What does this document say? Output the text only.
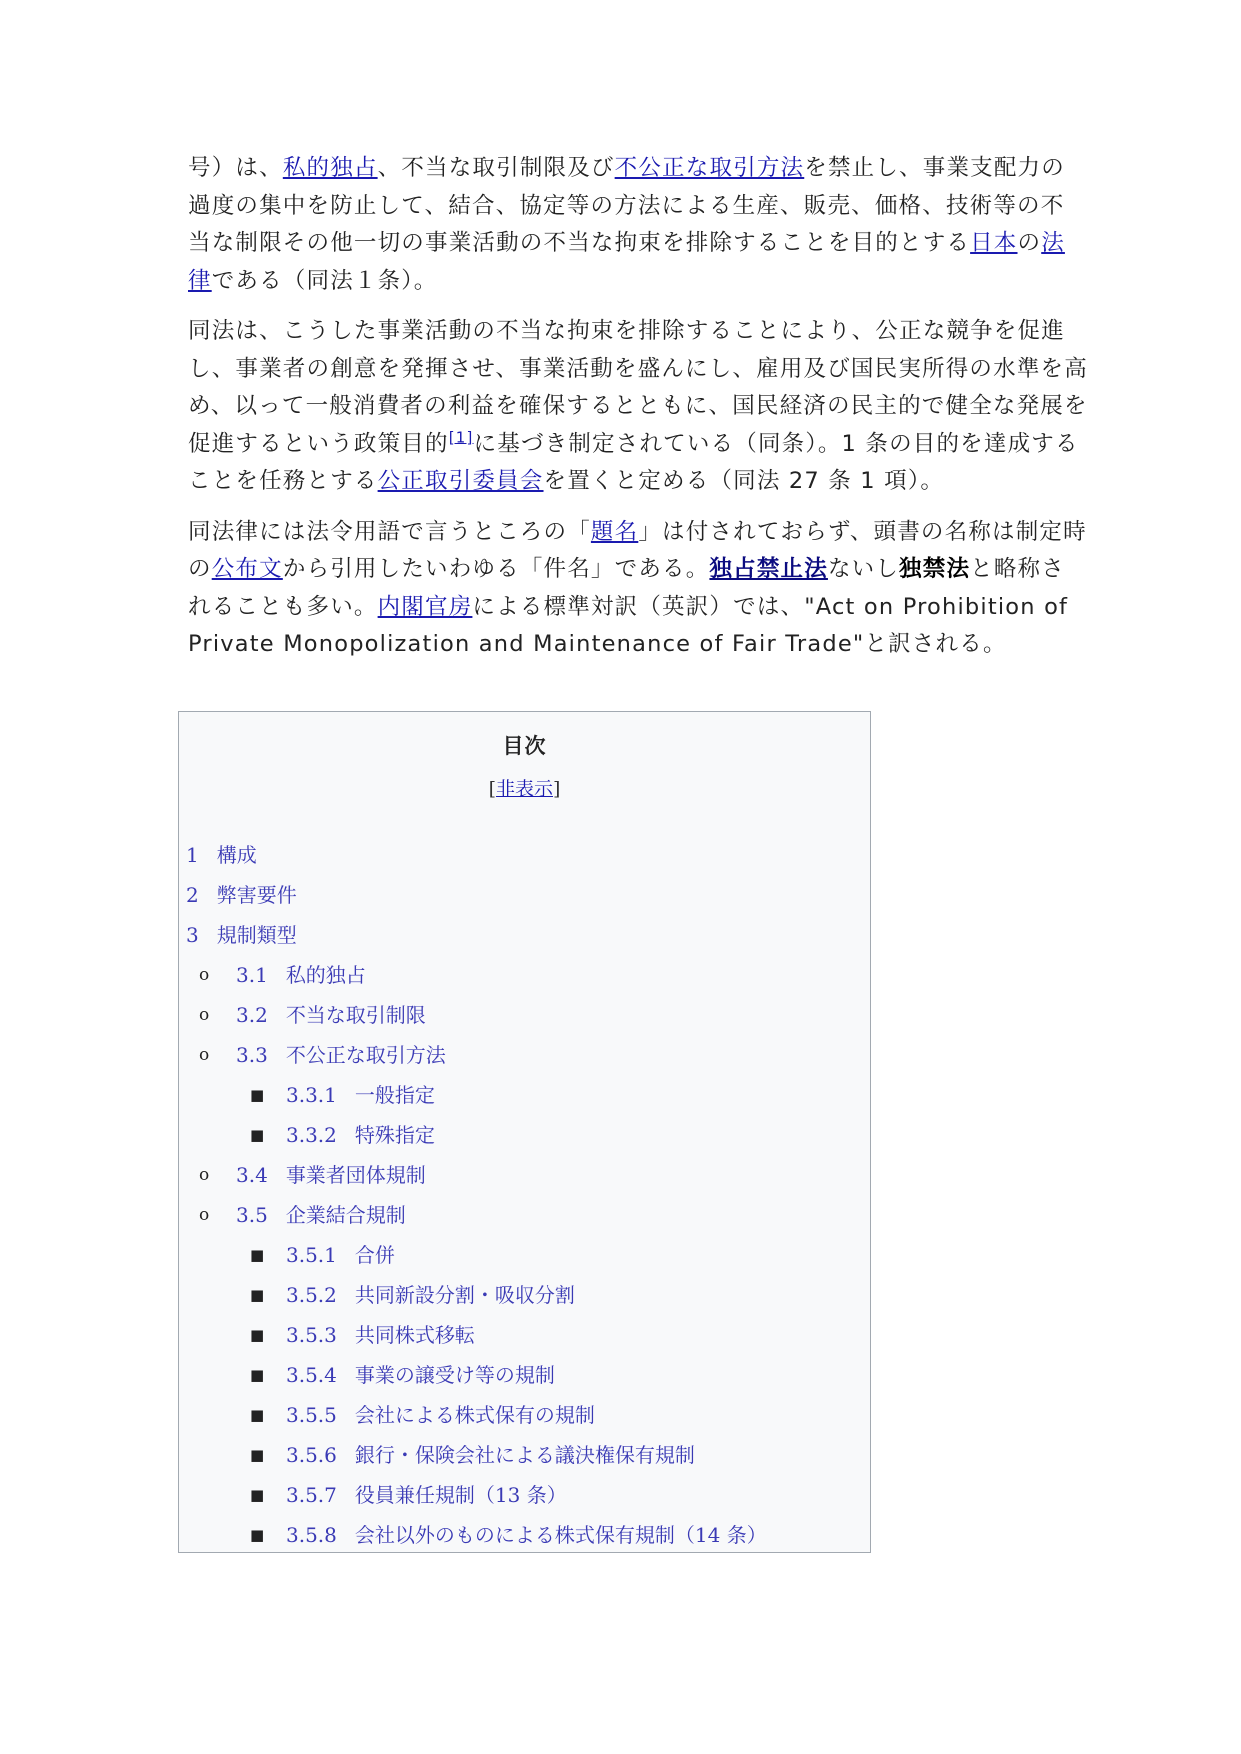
号）は、私的独占、不当な取引制限及び不公正な取引方法を禁止し、事業支配力の過度の集中を防止して、結合、協定等の方法による生産、販売、価格、技術等の不当な制限その他一切の事業活動の不当な拘束を排除することを目的とする日本の法律である（同法１条）。

同法は、こうした事業活動の不当な拘束を排除することにより、公正な競争を促進し、事業者の創意を発揮させ、事業活動を盛んにし、雇用及び国民実所得の水準を高め、以って一般消費者の利益を確保するとともに、国民経済の民主的で健全な発展を促進するという政策目的[1]に基づき制定されている（同条）。1 条の目的を達成することを任務とする公正取引委員会を置くと定める（同法 27 条 1 項）。

同法律には法令用語で言うところの「題名」は付されておらず、頭書の名称は制定時の公布文から引用したいわゆる「件名」である。独占禁止法ないし独禁法と略称されることも多い。内閣官房による標準対訳（英訳）では、"Act on Prohibition of Private Monopolization and Maintenance of Fair Trade"と訳される。

目次
[非表示]
1 構成
2 弊害要件
3 規制類型
o 3.1 私的独占
o 3.2 不当な取引制限
o 3.3 不公正な取引方法
■ 3.3.1 一般指定
■ 3.3.2 特殊指定
o 3.4 事業者団体規制
o 3.5 企業結合規制
■ 3.5.1 合併
■ 3.5.2 共同新設分割・吸収分割
■ 3.5.3 共同株式移転
■ 3.5.4 事業の譲受け等の規制
■ 3.5.5 会社による株式保有の規制
■ 3.5.6 銀行・保険会社による議決権保有規制
■ 3.5.7 役員兼任規制（13 条）
■ 3.5.8 会社以外のものによる株式保有規制（14 条）
